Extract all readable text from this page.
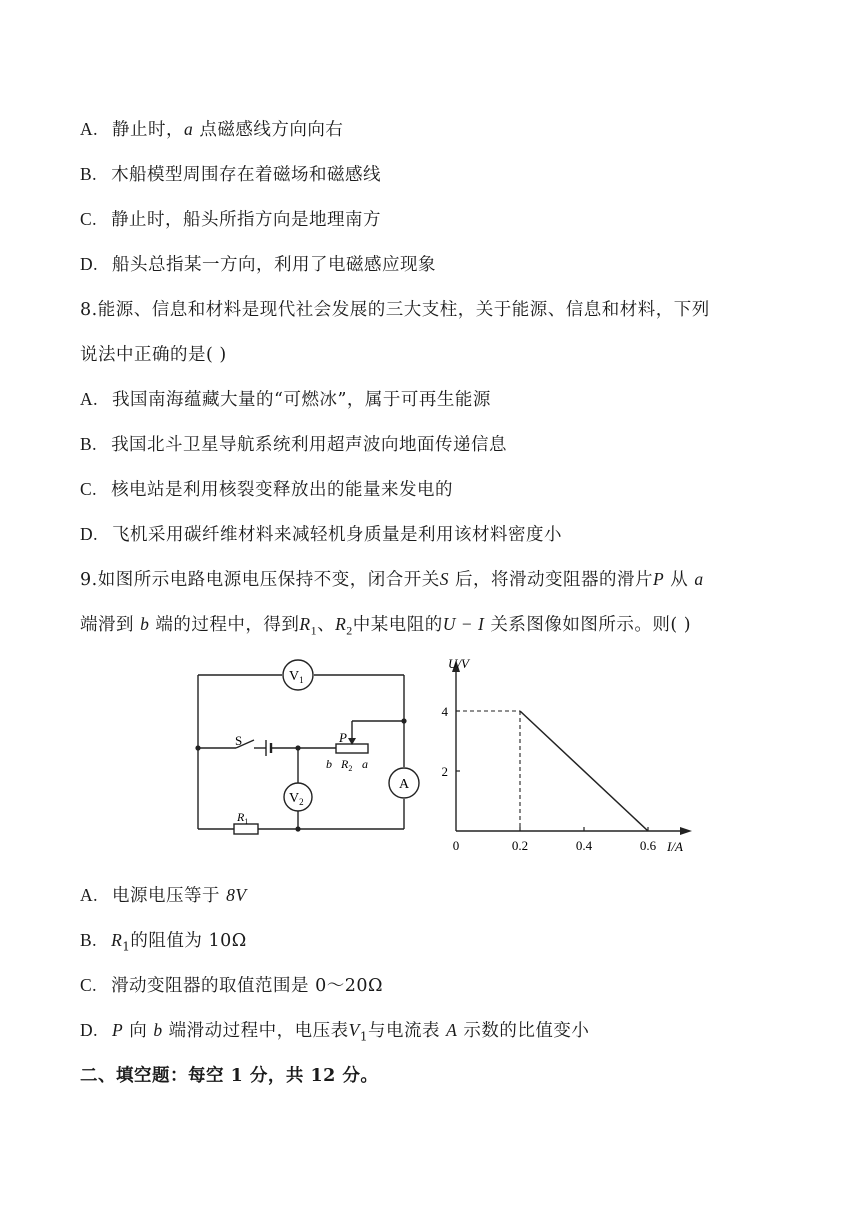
A. 静止时，a 点磁感线方向向右
B. 木船模型周围存在着磁场和磁感线
C. 静止时，船头所指方向是地理南方
D. 船头总指某一方向，利用了电磁感应现象
8.能源、信息和材料是现代社会发展的三大支柱，关于能源、信息和材料，下列
说法中正确的是( )
A. 我国南海蕴藏大量的“可燃冰”，属于可再生能源
B. 我国北斗卫星导航系统利用超声波向地面传递信息
C. 核电站是利用核裂变释放出的能量来发电的
D. 飞机采用碳纤维材料来减轻机身质量是利用该材料密度小
9.如图所示电路电源电压保持不变，闭合开关S 后，将滑动变阻器的滑片P 从 a
端滑到 b 端的过程中，得到$R_1$、$R_2$中某电阻的U − I 关系图像如图所示。则( )
$V_1$
$V_2$
A
S	P
b $R_2$ a
$R_1$
U/V
I/A
0	0.2	0.4	0.6
2
4
A. 电源电压等于 8V
B. $R_1$的阻值为 10Ω
C. 滑动变阻器的取值范围是 0～20Ω
D. P 向 b 端滑动过程中，电压表$V_1$与电流表 A 示数的比值变小
二、填空题：每空 1 分，共 12 分。
